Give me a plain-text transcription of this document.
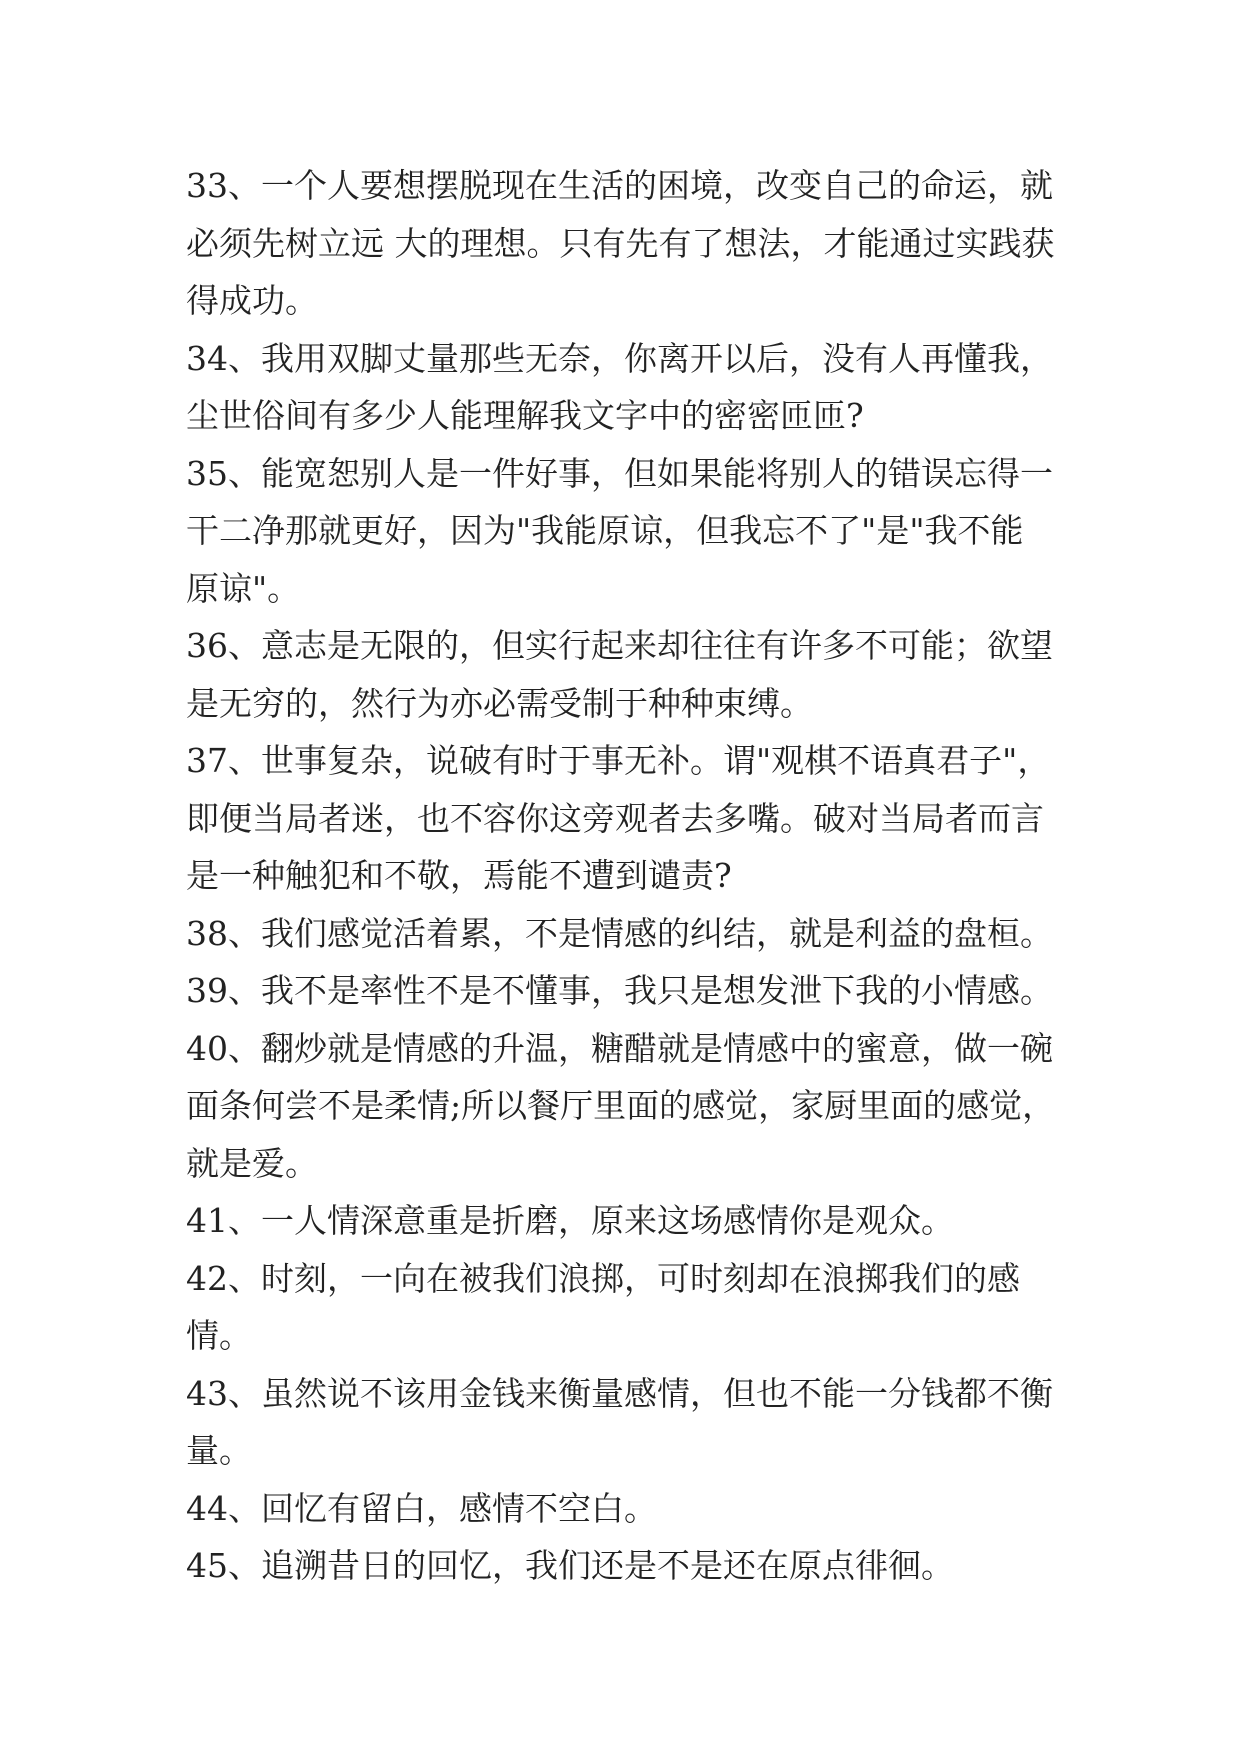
33、一个人要想摆脱现在生活的困境，改变自己的命运，就必须先树立远 大的理想。只有先有了想法，才能通过实践获得成功。

34、我用双脚丈量那些无奈，你离开以后，没有人再懂我，尘世俗间有多少人能理解我文字中的密密匝匝?

35、能宽恕别人是一件好事，但如果能将别人的错误忘得一干二净那就更好，因为"我能原谅，但我忘不了"是"我不能原谅"。

36、意志是无限的，但实行起来却往往有许多不可能；欲望是无穷的，然行为亦必需受制于种种束缚。

37、世事复杂，说破有时于事无补。谓"观棋不语真君子"，即便当局者迷，也不容你这旁观者去多嘴。破对当局者而言是一种触犯和不敬，焉能不遭到谴责?

38、我们感觉活着累，不是情感的纠结，就是利益的盘桓。

39、我不是率性不是不懂事，我只是想发泄下我的小情感。

40、翻炒就是情感的升温，糖醋就是情感中的蜜意，做一碗面条何尝不是柔情;所以餐厅里面的感觉，家厨里面的感觉，就是爱。

41、一人情深意重是折磨，原来这场感情你是观众。

42、时刻，一向在被我们浪掷，可时刻却在浪掷我们的感情。

43、虽然说不该用金钱来衡量感情，但也不能一分钱都不衡量。

44、回忆有留白，感情不空白。

45、追溯昔日的回忆，我们还是不是还在原点徘徊。
